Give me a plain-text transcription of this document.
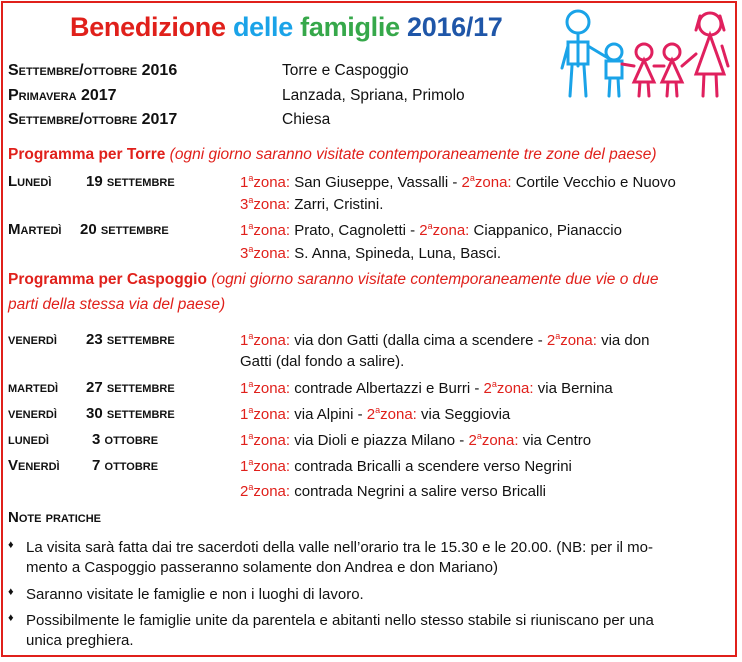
Benedizione delle famiglie 2016/17
Settembre/ottobre 2016	Torre e Caspoggio
Primavera 2017	Lanzada, Spriana, Primolo
Settembre/ottobre 2017	Chiesa
Programma per Torre (ogni giorno saranno visitate contemporaneamente tre zone del paese)
Lunedì 19 settembre	1$^a$zona: San Giuseppe, Vassalli - 2$^a$zona: Cortile Vecchio e Nuovo
3$^a$zona: Zarri, Cristini.
Martedì 20 settembre	1$^a$zona: Prato, Cagnoletti - 2$^a$zona: Ciappanico, Pianaccio
3$^a$zona: S. Anna, Spineda, Luna, Basci.
Programma per Caspoggio (ogni giorno saranno visitate contemporaneamente due vie o due
parti della stessa via del paese)
venerdì 23 settembre	1$^a$zona: via don Gatti (dalla cima a scendere - 2$^a$zona: via don
Gatti (dal fondo a salire).
martedì 27 settembre	1$^a$zona: contrade Albertazzi e Burri - 2$^a$zona: via Bernina
venerdì 30 settembre	1$^a$zona: via Alpini - 2$^a$zona: via Seggiovia
lunedì	3 ottobre	1$^a$zona: via Dioli e piazza Milano - 2$^a$zona: via Centro
Venerdì 7 ottobre	1$^a$zona: contrada Bricalli a scendere verso Negrini
2$^a$zona: contrada Negrini a salire verso Bricalli
Note pratiche
♦ La visita sarà fatta dai tre sacerdoti della valle nell’orario tra le 15.30 e le 20.00. (NB: per il mo-
mento a Caspoggio passeranno solamente don Andrea e don Mariano)
♦ Saranno visitate le famiglie e non i luoghi di lavoro.
♦ Possibilmente le famiglie unite da parentela e abitanti nello stesso stabile si riuniscano per una
unica preghiera.
